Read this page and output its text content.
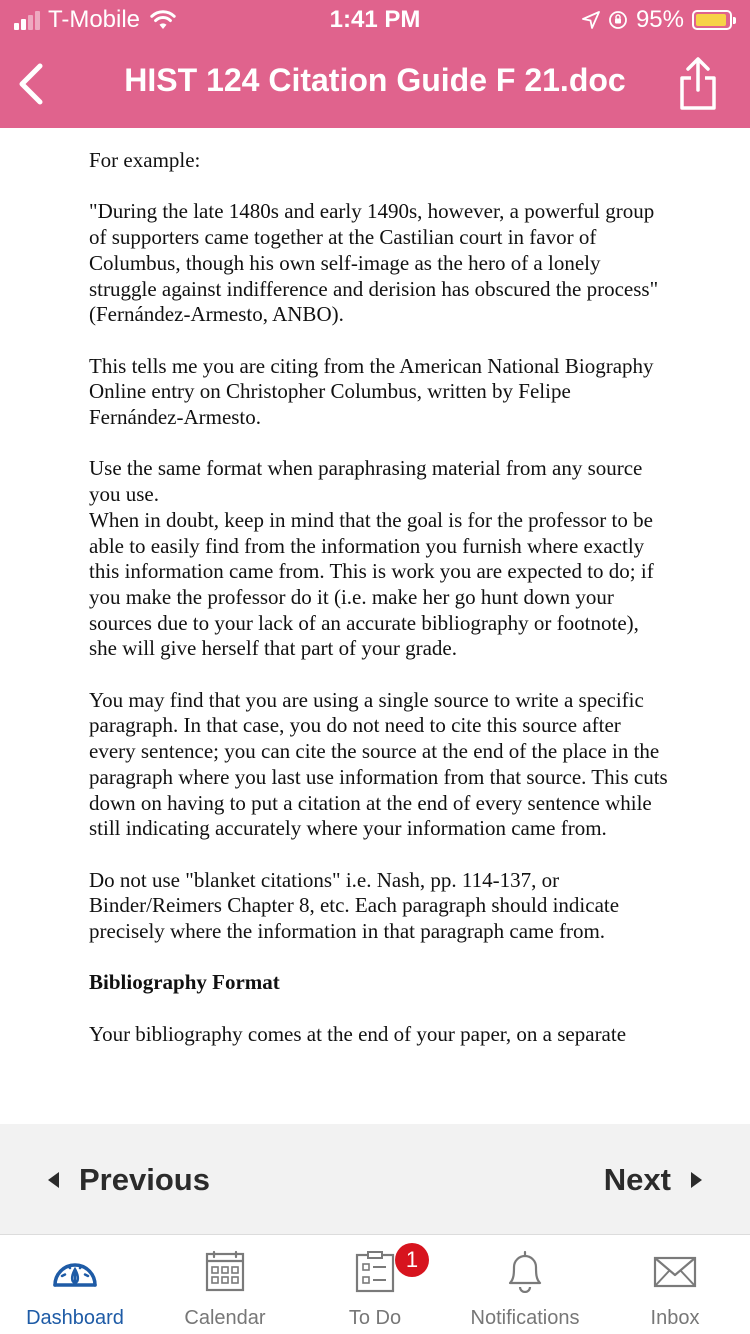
T-Mobile	1:41 PM	95%
HIST 124 Citation Guide F 21.doc

For example:

"During the late 1480s and early 1490s, however, a powerful group of supporters came together at the Castilian court in favor of Columbus, though his own self-image as the hero of a lonely struggle against indifference and derision has obscured the process" (Fernández-Armesto, ANBO).

This tells me you are citing from the American National Biography Online entry on Christopher Columbus, written by Felipe Fernández-Armesto.

Use the same format when paraphrasing material from any source you use.

When in doubt, keep in mind that the goal is for the professor to be able to easily find from the information you furnish where exactly this information came from. This is work you are expected to do; if you make the professor do it (i.e. make her go hunt down your sources due to your lack of an accurate bibliography or footnote), she will give herself that part of your grade.

You may find that you are using a single source to write a specific paragraph. In that case, you do not need to cite this source after every sentence; you can cite the source at the end of the place in the paragraph where you last use information from that source. This cuts down on having to put a citation at the end of every sentence while still indicating accurately where your information came from.

Do not use "blanket citations" i.e. Nash, pp. 114-137, or Binder/Reimers Chapter 8, etc. Each paragraph should indicate precisely where the information in that paragraph came from.

Bibliography Format

Your bibliography comes at the end of your paper, on a separate

Previous	Next
Dashboard	Calendar
1
To Do	Notifications	Inbox
